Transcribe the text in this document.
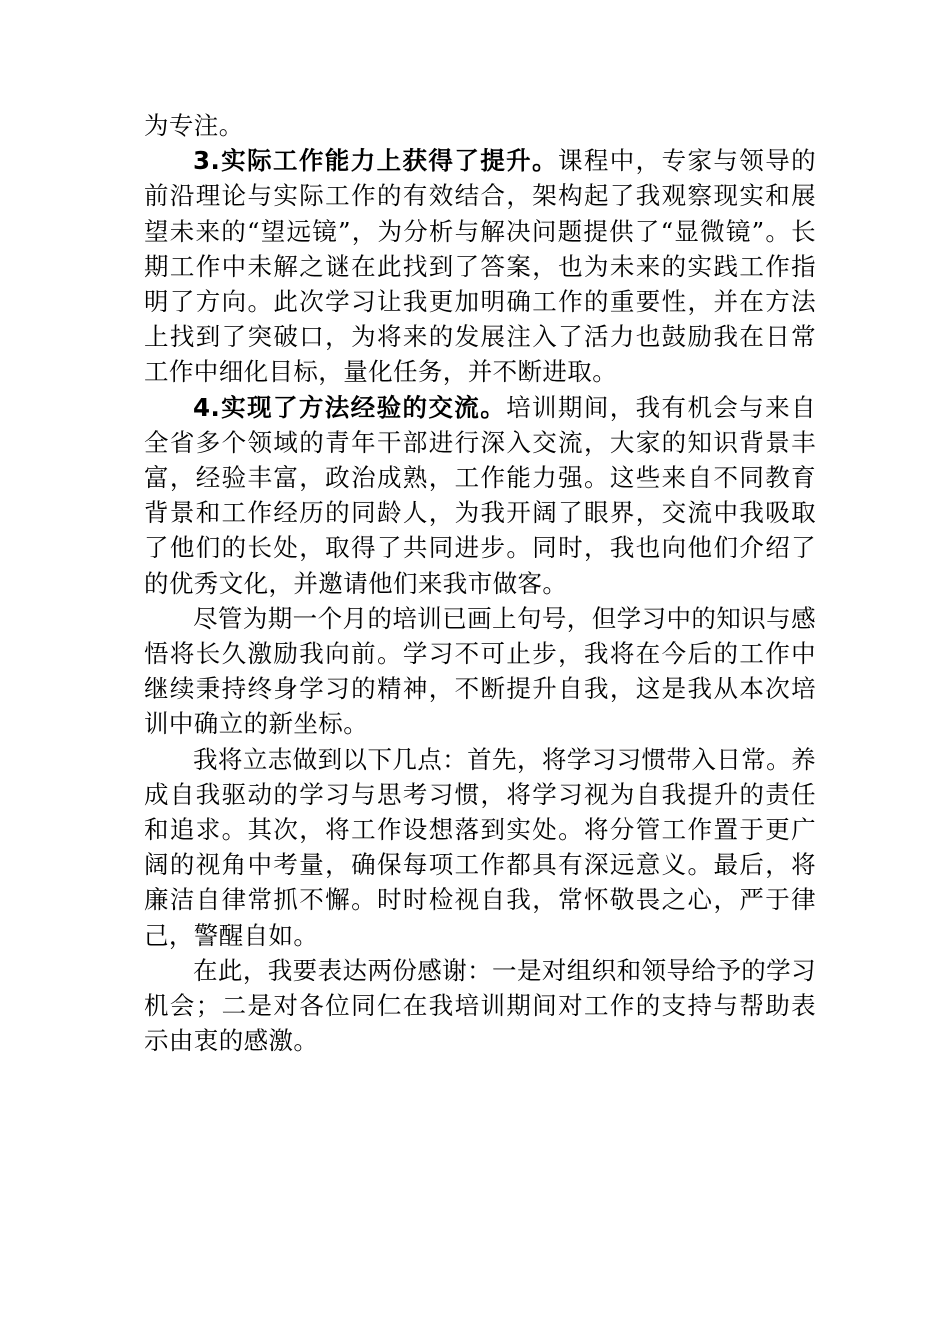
为专注。

3.实际工作能力上获得了提升。课程中，专家与领导的前沿理论与实际工作的有效结合，架构起了我观察现实和展望未来的“望远镜”，为分析与解决问题提供了“显微镜”。长期工作中未解之谜在此找到了答案，也为未来的实践工作指明了方向。此次学习让我更加明确工作的重要性，并在方法上找到了突破口，为将来的发展注入了活力也鼓励我在日常工作中细化目标，量化任务，并不断进取。

4.实现了方法经验的交流。培训期间，我有机会与来自全省多个领域的青年干部进行深入交流，大家的知识背景丰富，经验丰富，政治成熟，工作能力强。这些来自不同教育背景和工作经历的同龄人，为我开阔了眼界，交流中我吸取了他们的长处，取得了共同进步。同时，我也向他们介绍了的优秀文化，并邀请他们来我市做客。

尽管为期一个月的培训已画上句号，但学习中的知识与感悟将长久激励我向前。学习不可止步，我将在今后的工作中继续秉持终身学习的精神，不断提升自我，这是我从本次培训中确立的新坐标。

我将立志做到以下几点：首先，将学习习惯带入日常。养成自我驱动的学习与思考习惯，将学习视为自我提升的责任和追求。其次，将工作设想落到实处。将分管工作置于更广阔的视角中考量，确保每项工作都具有深远意义。最后，将廉洁自律常抓不懈。时时检视自我，常怀敬畏之心，严于律己，警醒自如。

在此，我要表达两份感谢：一是对组织和领导给予的学习机会；二是对各位同仁在我培训期间对工作的支持与帮助表示由衷的感激。
